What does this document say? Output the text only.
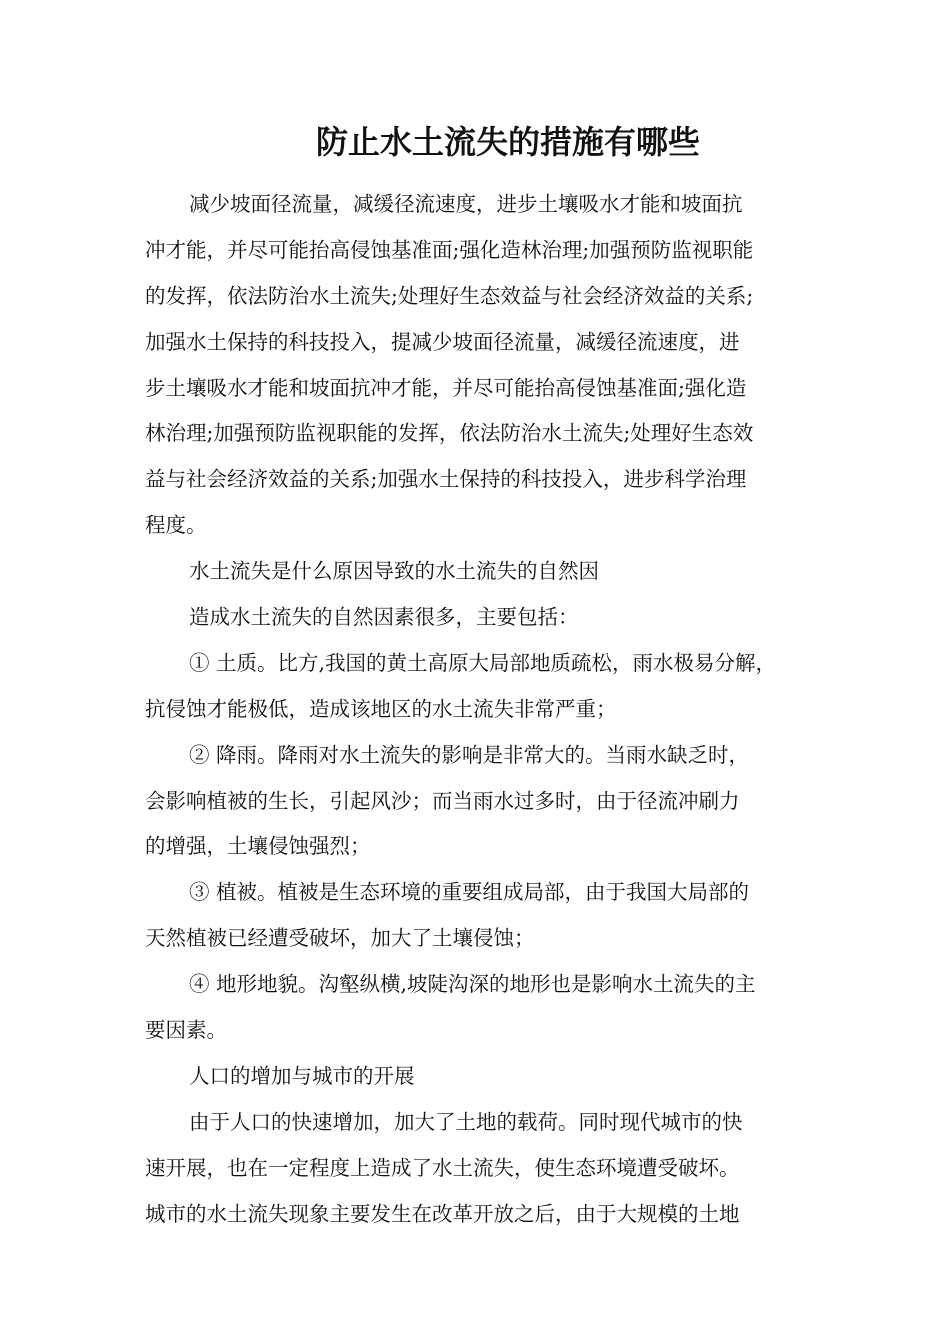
防止水土流失的措施有哪些
减少坡面径流量，减缓径流速度，进步土壤吸水才能和坡面抗
冲才能，并尽可能抬高侵蚀基准面;强化造林治理;加强预防监视职能
的发挥，依法防治水土流失;处理好生态效益与社会经济效益的关系;
加强水土保持的科技投入，提减少坡面径流量，减缓径流速度，进
步土壤吸水才能和坡面抗冲才能，并尽可能抬高侵蚀基准面;强化造
林治理;加强预防监视职能的发挥，依法防治水土流失;处理好生态效
益与社会经济效益的关系;加强水土保持的科技投入，进步科学治理
程度。
水土流失是什么原因导致的水土流失的自然因
造成水土流失的自然因素很多，主要包括：
① 土质。比方,我国的黄土高原大局部地质疏松，雨水极易分解，
抗侵蚀才能极低，造成该地区的水土流失非常严重；
② 降雨。降雨对水土流失的影响是非常大的。当雨水缺乏时，
会影响植被的生长，引起风沙；而当雨水过多时，由于径流冲刷力
的增强，土壤侵蚀强烈；
③ 植被。植被是生态环境的重要组成局部，由于我国大局部的
天然植被已经遭受破坏，加大了土壤侵蚀；
④ 地形地貌。沟壑纵横,坡陡沟深的地形也是影响水土流失的主
要因素。
人口的增加与城市的开展
由于人口的快速增加，加大了土地的载荷。同时现代城市的快
速开展，也在一定程度上造成了水土流失，使生态环境遭受破坏。
城市的水土流失现象主要发生在改革开放之后，由于大规模的土地
